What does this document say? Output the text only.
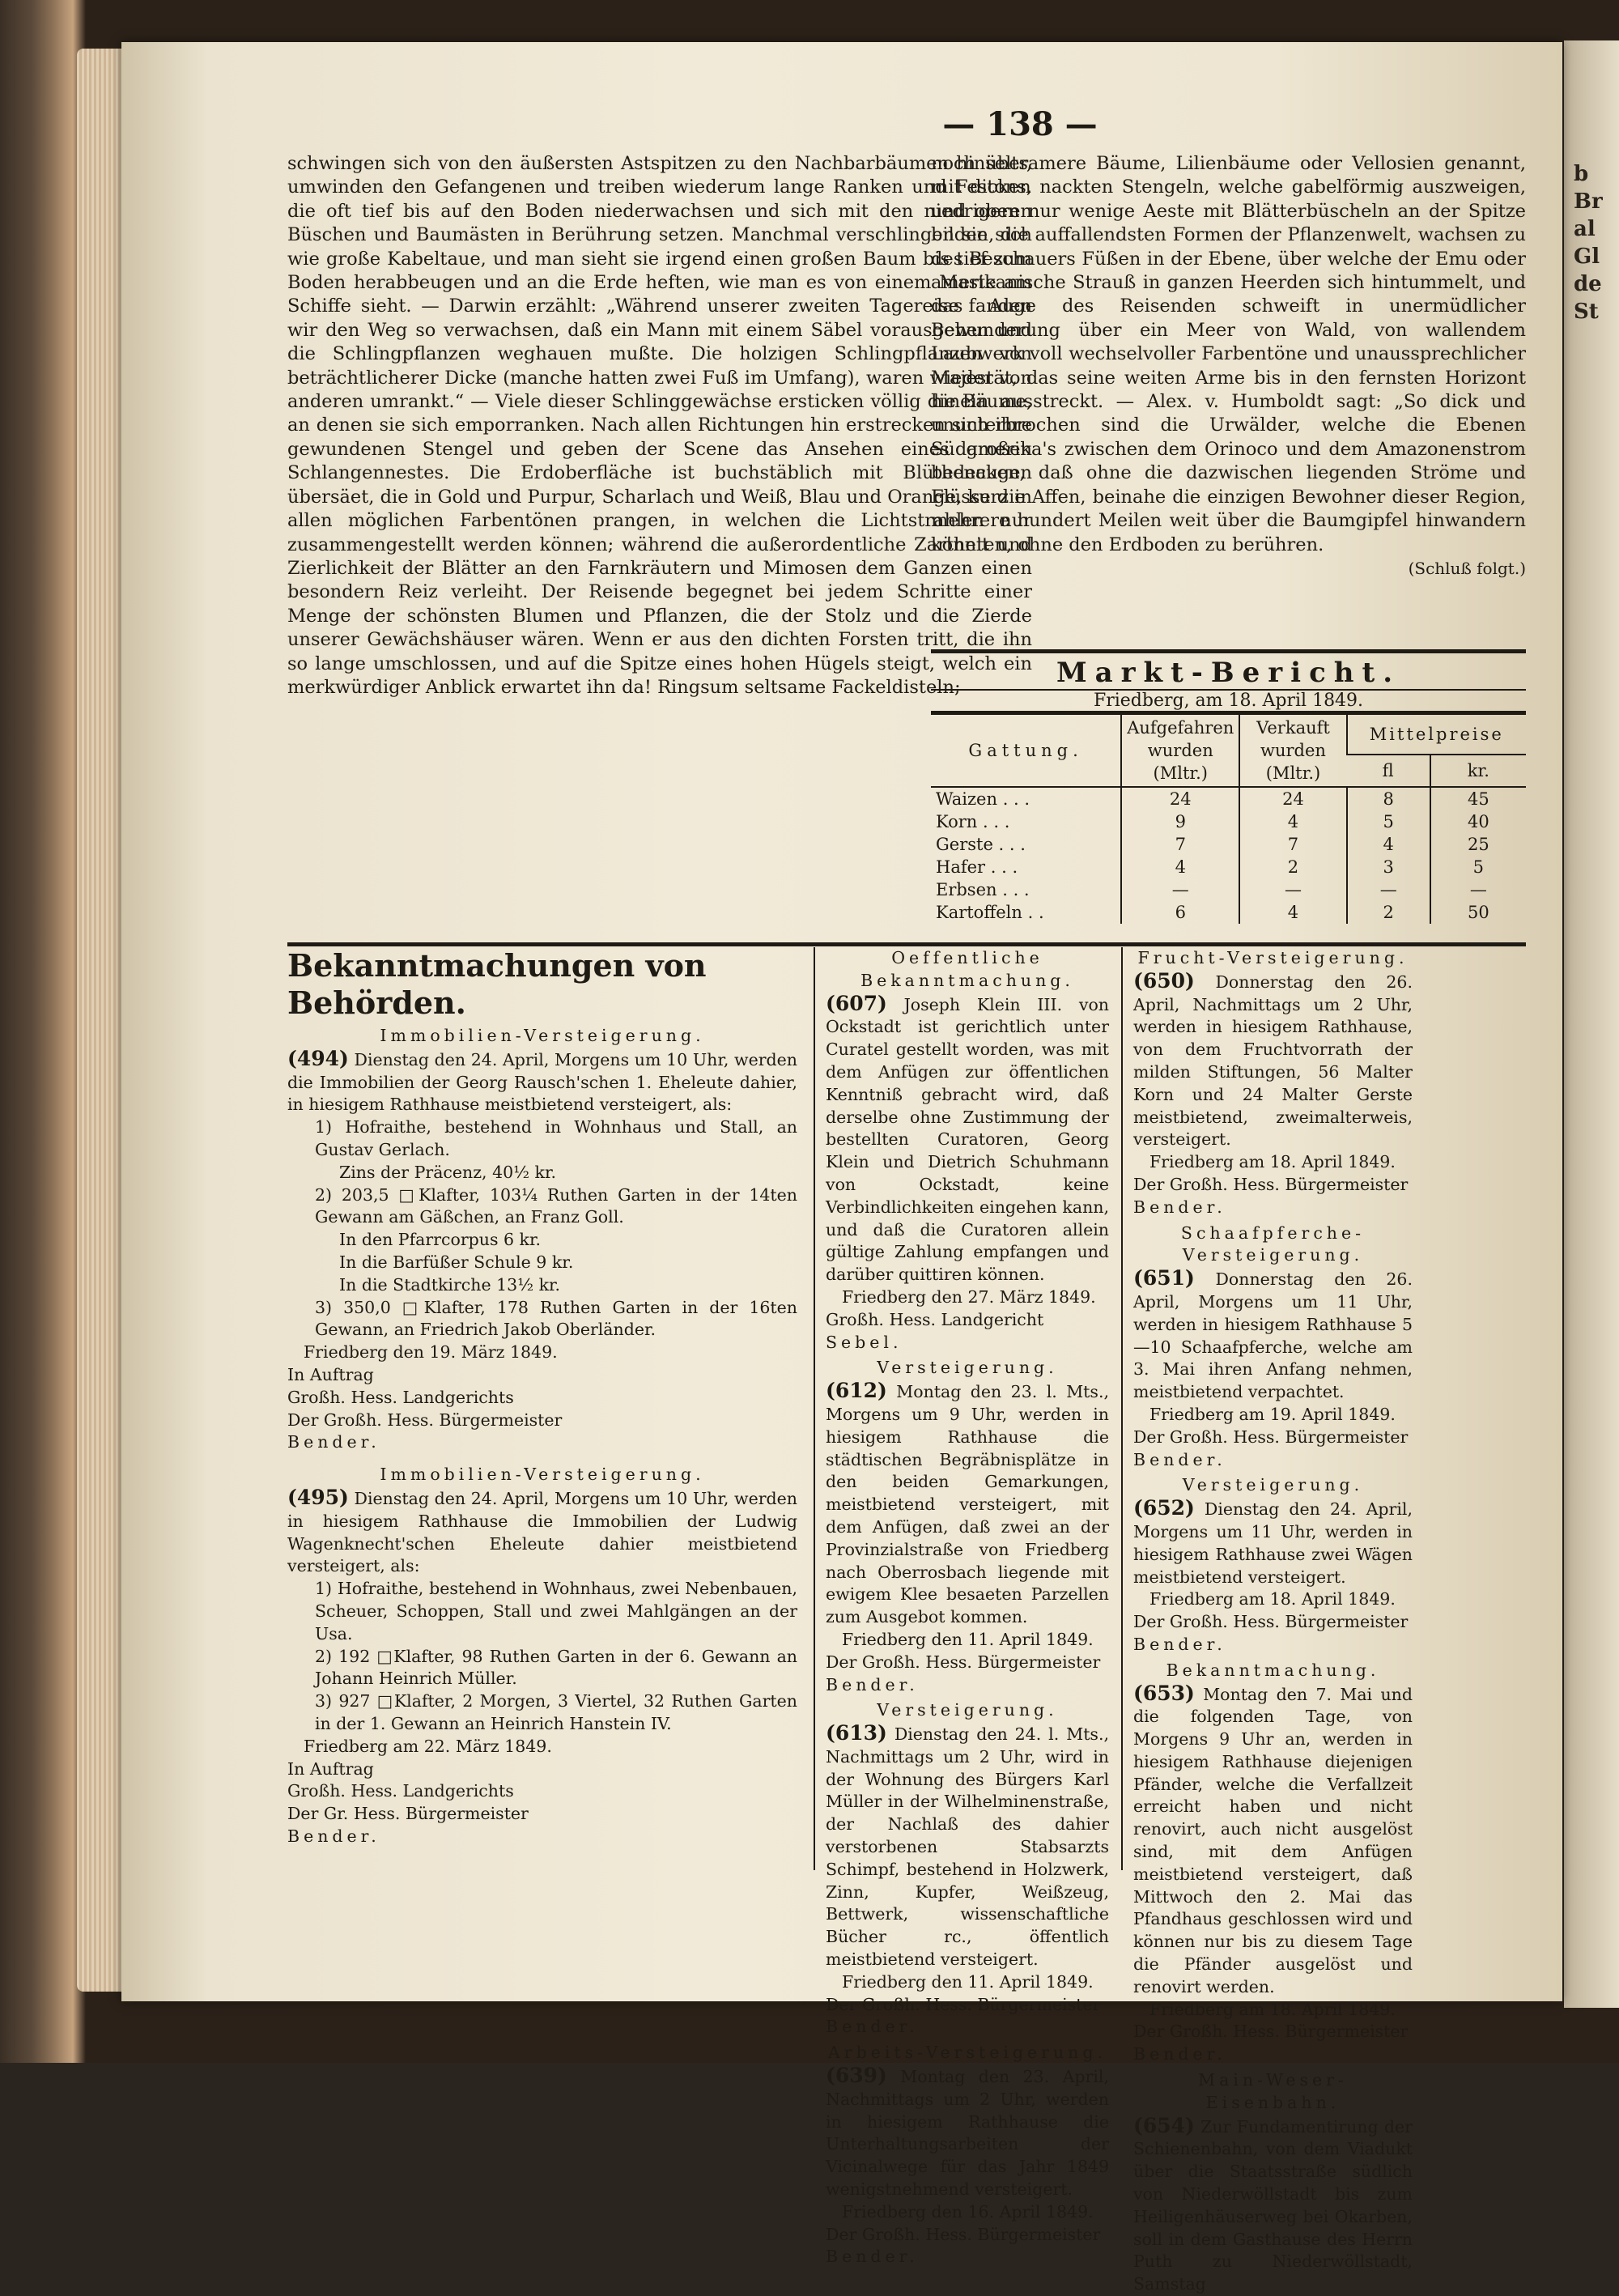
b
Br
al
Gl
de
St
— 138 —

schwingen sich von den äußersten Astspitzen zu den Nachbarbäumen hinüber, umwinden den Gefangenen und treiben wiederum lange Ranken und Festons, die oft tief bis auf den Boden niederwachsen und sich mit den niedrigeren Büschen und Baumästen in Berührung setzen. Manchmal verschlingen sie sich wie große Kabeltaue, und man sieht sie irgend einen großen Baum bis tief zum Boden herabbeugen und an die Erde heften, wie man es von einem Maste am Schiffe sieht. — Darwin erzählt: „Während unserer zweiten Tagereise fanden wir den Weg so verwachsen, daß ein Mann mit einem Säbel vorausgehen und die Schlingpflanzen weghauen mußte. Die holzigen Schlingpflanzen von beträchtlicherer Dicke (manche hatten zwei Fuß im Umfang), waren wieder von anderen umrankt.“ — Viele dieser Schlinggewächse ersticken völlig die Bäume, an denen sie sich emporranken. Nach allen Richtungen hin erstrecken sich ihre gewundenen Stengel und geben der Scene das Ansehen eines großen Schlangennestes. Die Erdoberfläche ist buchstäblich mit Blüthenaugen übersäet, die in Gold und Purpur, Scharlach und Weiß, Blau und Orange, kurz in allen möglichen Farbentönen prangen, in welchen die Lichtstrahlen nur zusammengestellt werden können; während die außerordentliche Zartheit und Zierlichkeit der Blätter an den Farnkräutern und Mimosen dem Ganzen einen besondern Reiz verleiht. Der Reisende begegnet bei jedem Schritte einer Menge der schönsten Blumen und Pflanzen, die der Stolz und die Zierde unserer Gewächshäuser wären. Wenn er aus den dichten Forsten tritt, die ihn so lange umschlossen, und auf die Spitze eines hohen Hügels steigt, welch ein merkwürdiger Anblick erwartet ihn da! Ringsum seltsame Fackeldisteln;

noch seltsamere Bäume, Lilienbäume oder Vellosien genannt, mit dicken nackten Stengeln, welche gabelförmig auszweigen, und oben nur wenige Aeste mit Blätterbüscheln an der Spitze bilden, die auffallendsten Formen der Pflanzenwelt, wachsen zu des Beschauers Füßen in der Ebene, über welche der Emu oder amerikanische Strauß in ganzen Heerden sich hintummelt, und das Auge des Reisenden schweift in unermüdlicher Bewunderung über ein Meer von Wald, von wallendem Laubwerk voll wechselvoller Farbentöne und unaussprechlicher Majestät, das seine weiten Arme bis in den fernsten Horizont hinein ausstreckt. — Alex. v. Humboldt sagt: „So dick und ununterbrochen sind die Urwälder, welche die Ebenen Südamerika's zwischen dem Orinoco und dem Amazonenstrom bedecken, daß ohne die dazwischen liegenden Ströme und Flüsse die Affen, beinahe die einzigen Bewohner dieser Region, mehrere hundert Meilen weit über die Baumgipfel hinwandern könnten, ohne den Erdboden zu berühren.

(Schluß folgt.)
Markt-Bericht.
Friedberg, am 18. April 1849.
Gattung.	Aufgefahren wurden (Mltr.)	Verkauft wurden (Mltr.)	Mittelpreise	
			fl	kr.
Waizen . . .	24	24	8	45
Korn . . .	9	4	5	40
Gerste . . .	7	7	4	25
Hafer . . .	4	2	3	5
Erbsen . . .	—	—	—	—
Kartoffeln . .	6	4	2	50
Bekanntmachungen von Behörden.
Immobilien-Versteigerung.

(494) Dienstag den 24. April, Morgens um 10 Uhr, werden die Immobilien der Georg Rausch'schen 1. Eheleute dahier, in hiesigem Rathhause meistbietend versteigert, als:

1) Hofraithe, bestehend in Wohnhaus und Stall, an Gustav Gerlach.

Zins der Präcenz, 40½ kr.

2) 203,5 □Klafter, 103¼ Ruthen Garten in der 14ten Gewann am Gäßchen, an Franz Goll.

In den Pfarrcorpus 6 kr.

In die Barfüßer Schule 9 kr.

In die Stadtkirche 13½ kr.

3) 350,0 □Klafter, 178 Ruthen Garten in der 16ten Gewann, an Friedrich Jakob Oberländer.

Friedberg den 19. März 1849.

In Auftrag

Großh. Hess. Landgerichts

Der Großh. Hess. Bürgermeister

Bender.

Immobilien-Versteigerung.

(495) Dienstag den 24. April, Morgens um 10 Uhr, werden in hiesigem Rathhause die Immobilien der Ludwig Wagenknecht'schen Eheleute dahier meistbietend versteigert, als:

1) Hofraithe, bestehend in Wohnhaus, zwei Nebenbauen, Scheuer, Schoppen, Stall und zwei Mahlgängen an der Usa.

2) 192 □Klafter, 98 Ruthen Garten in der 6. Gewann an Johann Heinrich Müller.

3) 927 □Klafter, 2 Morgen, 3 Viertel, 32 Ruthen Garten in der 1. Gewann an Heinrich Hanstein IV.

Friedberg am 22. März 1849.

In Auftrag

Großh. Hess. Landgerichts

Der Gr. Hess. Bürgermeister

Bender.

Oeffentliche Bekanntmachung.

(607) Joseph Klein III. von Ockstadt ist gerichtlich unter Curatel gestellt worden, was mit dem Anfügen zur öffentlichen Kenntniß gebracht wird, daß derselbe ohne Zustimmung der bestellten Curatoren, Georg Klein und Dietrich Schuhmann von Ockstadt, keine Verbindlichkeiten eingehen kann, und daß die Curatoren allein gültige Zahlung empfangen und darüber quittiren können.

Friedberg den 27. März 1849.

Großh. Hess. Landgericht

Sebel.

Versteigerung.

(612) Montag den 23. l. Mts., Morgens um 9 Uhr, werden in hiesigem Rathhause die städtischen Begräbnisplätze in den beiden Gemarkungen, meistbietend versteigert, mit dem Anfügen, daß zwei an der Provinzialstraße von Friedberg nach Oberrosbach liegende mit ewigem Klee besaeten Parzellen zum Ausgebot kommen.

Friedberg den 11. April 1849.

Der Großh. Hess. Bürgermeister

Bender.

Versteigerung.

(613) Dienstag den 24. l. Mts., Nachmittags um 2 Uhr, wird in der Wohnung des Bürgers Karl Müller in der Wilhelminenstraße, der Nachlaß des dahier verstorbenen Stabsarzts Schimpf, bestehend in Holzwerk, Zinn, Kupfer, Weißzeug, Bettwerk, wissenschaftliche Bücher rc., öffentlich meistbietend versteigert.

Friedberg den 11. April 1849.

Der Großh. Hess. Bürgermeister

Bender.

Arbeits-Versteigerung.

(639) Montag den 23. April, Nachmittags um 2 Uhr, werden in hiesigem Rathhause die Unterhaltungsarbeiten der Vicinalwege für das Jahr 1849 wenigstnehmend versteigert.

Friedberg den 16. April 1849.

Der Großh. Hess. Bürgermeister

Bender.

Frucht-Versteigerung.

(650) Donnerstag den 26. April, Nachmittags um 2 Uhr, werden in hiesigem Rathhause, von dem Fruchtvorrath der milden Stiftungen, 56 Malter Korn und 24 Malter Gerste meistbietend, zweimalterweis, versteigert.

Friedberg am 18. April 1849.

Der Großh. Hess. Bürgermeister

Bender.

Schaafpferche-Versteigerung.

(651) Donnerstag den 26. April, Morgens um 11 Uhr, werden in hiesigem Rathhause 5—10 Schaafpferche, welche am 3. Mai ihren Anfang nehmen, meistbietend verpachtet.

Friedberg am 19. April 1849.

Der Großh. Hess. Bürgermeister

Bender.

Versteigerung.

(652) Dienstag den 24. April, Morgens um 11 Uhr, werden in hiesigem Rathhause zwei Wägen meistbietend versteigert.

Friedberg am 18. April 1849.

Der Großh. Hess. Bürgermeister

Bender.

Bekanntmachung.

(653) Montag den 7. Mai und die folgenden Tage, von Morgens 9 Uhr an, werden in hiesigem Rathhause diejenigen Pfänder, welche die Verfallzeit erreicht haben und nicht renovirt, auch nicht ausgelöst sind, mit dem Anfügen meistbietend versteigert, daß Mittwoch den 2. Mai das Pfandhaus geschlossen wird und können nur bis zu diesem Tage die Pfänder ausgelöst und renovirt werden.

Friedberg am 18. April 1849.

Der Großh. Hess. Bürgermeister

Bender.

Main-Weser-Eisenbahn.

(654) Zur Fundamentirung der Schienenbahn, von dem Viadukt über die Staatsstraße südlich von Niederwöllstadt bis zum Heiligenhäuserweg bei Okarben, soll in dem Gasthause des Herrn Puth zu Niederwöllstadt, Samstag
